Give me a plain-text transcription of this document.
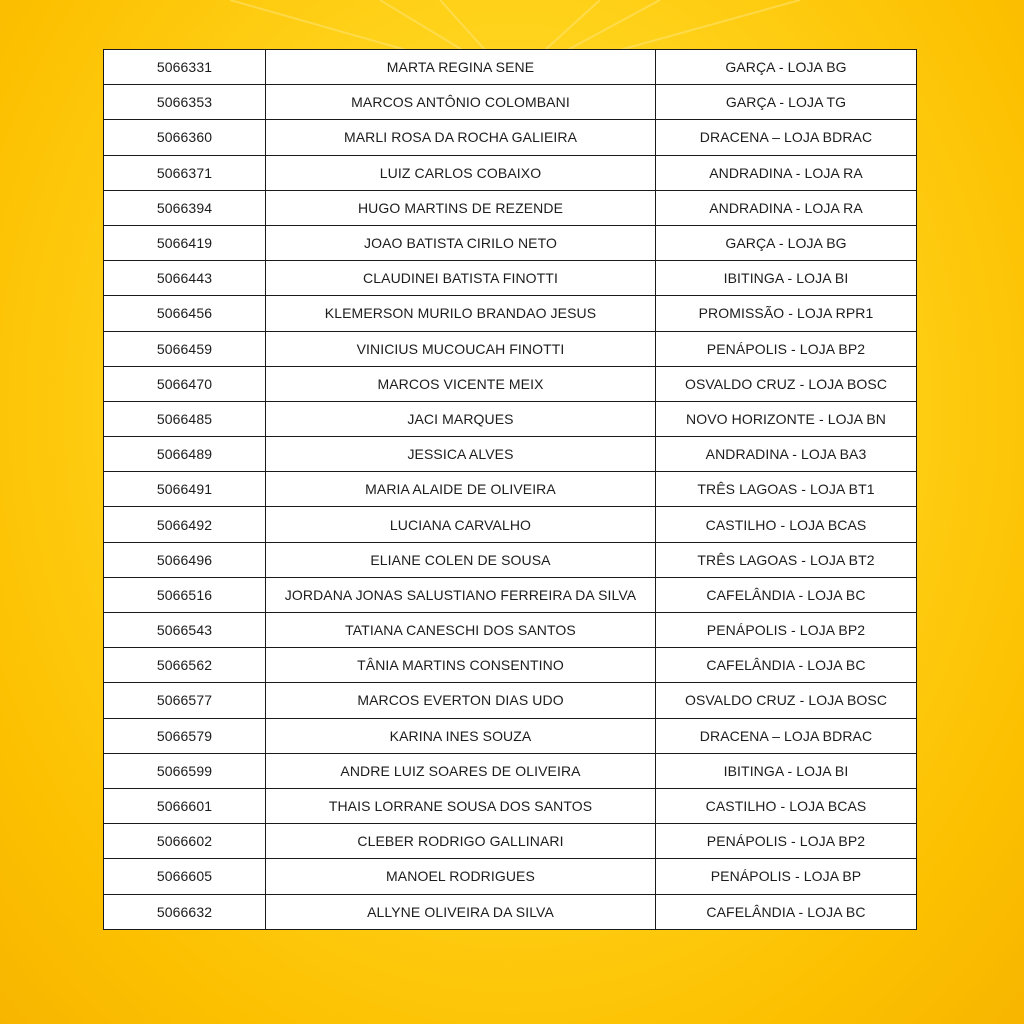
5066331	MARTA REGINA SENE	GARÇA - LOJA BG
5066353	MARCOS ANTÔNIO COLOMBANI	GARÇA - LOJA TG
5066360	MARLI ROSA DA ROCHA GALIEIRA	DRACENA – LOJA BDRAC
5066371	LUIZ CARLOS COBAIXO	ANDRADINA - LOJA RA
5066394	HUGO MARTINS DE REZENDE	ANDRADINA - LOJA RA
5066419	JOAO BATISTA CIRILO NETO	GARÇA - LOJA BG
5066443	CLAUDINEI BATISTA FINOTTI	IBITINGA - LOJA BI
5066456	KLEMERSON MURILO BRANDAO JESUS	PROMISSÃO - LOJA RPR1
5066459	VINICIUS MUCOUCAH FINOTTI	PENÁPOLIS - LOJA BP2
5066470	MARCOS VICENTE MEIX	OSVALDO CRUZ - LOJA BOSC
5066485	JACI MARQUES	NOVO HORIZONTE - LOJA BN
5066489	JESSICA ALVES	ANDRADINA - LOJA BA3
5066491	MARIA ALAIDE DE OLIVEIRA	TRÊS LAGOAS - LOJA BT1
5066492	LUCIANA CARVALHO	CASTILHO - LOJA BCAS
5066496	ELIANE COLEN DE SOUSA	TRÊS LAGOAS - LOJA BT2
5066516	JORDANA JONAS SALUSTIANO FERREIRA DA SILVA	CAFELÂNDIA - LOJA BC
5066543	TATIANA CANESCHI DOS SANTOS	PENÁPOLIS - LOJA BP2
5066562	TÂNIA MARTINS CONSENTINO	CAFELÂNDIA - LOJA BC
5066577	MARCOS EVERTON DIAS UDO	OSVALDO CRUZ - LOJA BOSC
5066579	KARINA INES SOUZA	DRACENA – LOJA BDRAC
5066599	ANDRE LUIZ SOARES DE OLIVEIRA	IBITINGA - LOJA BI
5066601	THAIS LORRANE SOUSA DOS SANTOS	CASTILHO - LOJA BCAS
5066602	CLEBER RODRIGO GALLINARI	PENÁPOLIS - LOJA BP2
5066605	MANOEL RODRIGUES	PENÁPOLIS - LOJA BP
5066632	ALLYNE OLIVEIRA DA SILVA	CAFELÂNDIA - LOJA BC
